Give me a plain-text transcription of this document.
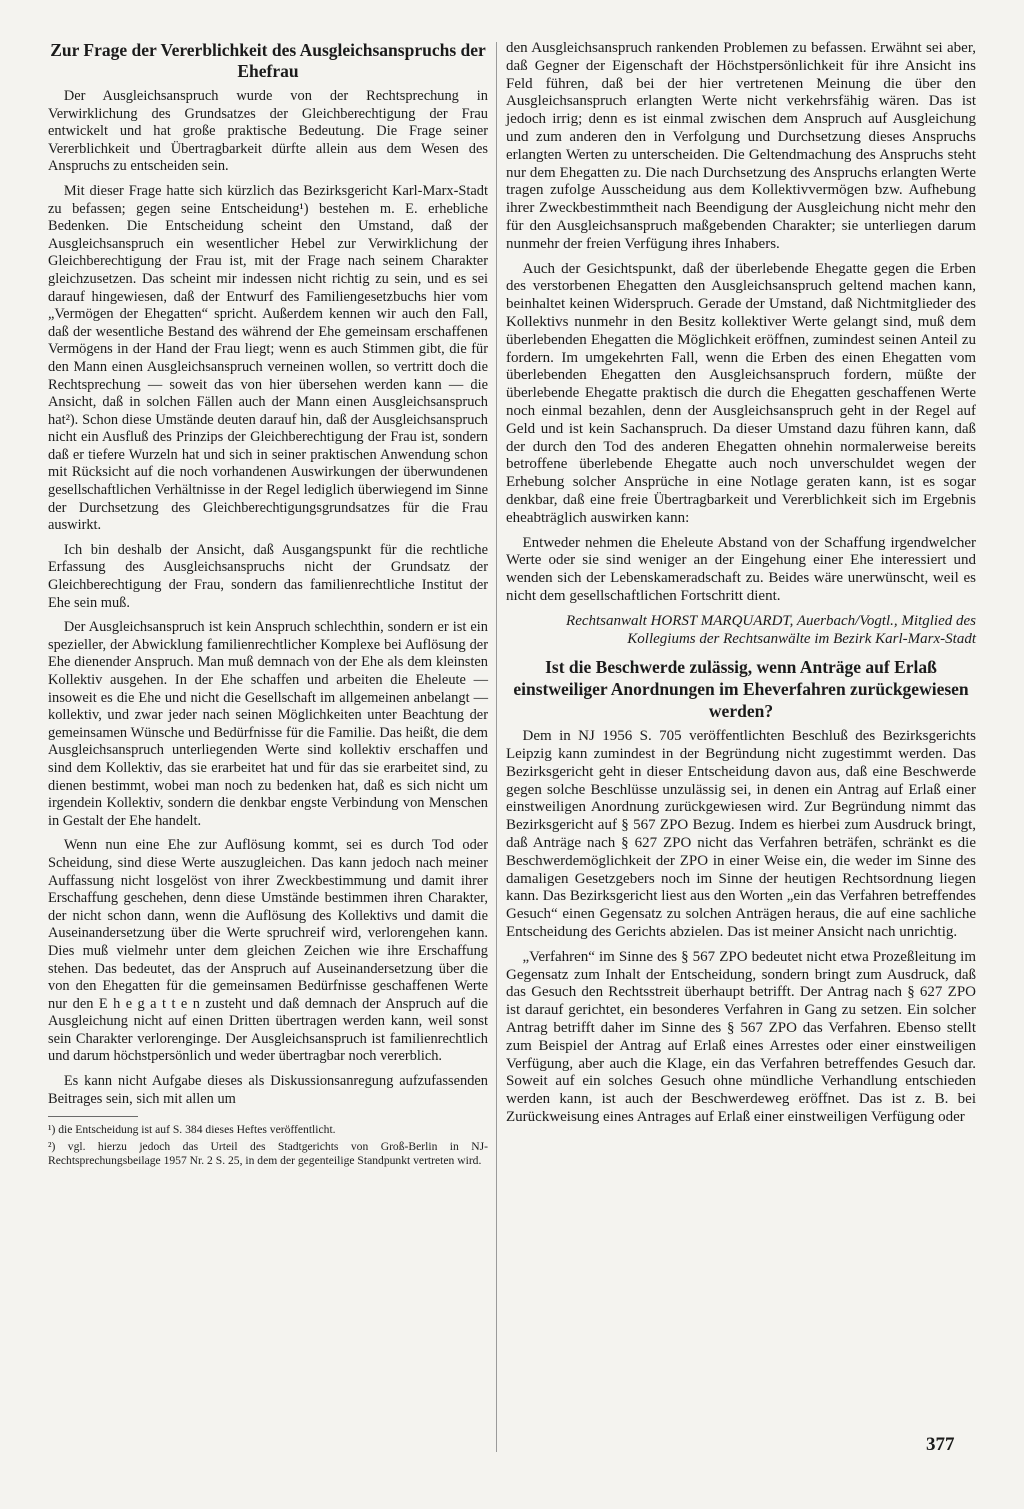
Zur Frage der Vererblichkeit des Ausgleichsanspruchs der Ehefrau

Der Ausgleichsanspruch wurde von der Rechtsprechung in Verwirklichung des Grundsatzes der Gleichberechtigung der Frau entwickelt und hat große praktische Bedeutung. Die Frage seiner Vererblichkeit und Übertragbarkeit dürfte allein aus dem Wesen des Anspruchs zu entscheiden sein.

Mit dieser Frage hatte sich kürzlich das Bezirksgericht Karl-Marx-Stadt zu befassen; gegen seine Entscheidung¹) bestehen m. E. erhebliche Bedenken. Die Entscheidung scheint den Umstand, daß der Ausgleichsanspruch ein wesentlicher Hebel zur Verwirklichung der Gleichberechtigung der Frau ist, mit der Frage nach seinem Charakter gleichzusetzen. Das scheint mir indessen nicht richtig zu sein, und es sei darauf hingewiesen, daß der Entwurf des Familiengesetzbuchs hier vom „Vermögen der Ehegatten“ spricht. Außerdem kennen wir auch den Fall, daß der wesentliche Bestand des während der Ehe gemeinsam erschaffenen Vermögens in der Hand der Frau liegt; wenn es auch Stimmen gibt, die für den Mann einen Ausgleichsanspruch verneinen wollen, so vertritt doch die Rechtsprechung — soweit das von hier übersehen werden kann — die Ansicht, daß in solchen Fällen auch der Mann einen Ausgleichsanspruch hat²). Schon diese Umstände deuten darauf hin, daß der Ausgleichsanspruch nicht ein Ausfluß des Prinzips der Gleichberechtigung der Frau ist, sondern daß er tiefere Wurzeln hat und sich in seiner praktischen Anwendung schon mit Rücksicht auf die noch vorhandenen Auswirkungen der überwundenen gesellschaftlichen Verhältnisse in der Regel lediglich überwiegend im Sinne der Durchsetzung des Gleichberechtigungsgrundsatzes für die Frau auswirkt.

Ich bin deshalb der Ansicht, daß Ausgangspunkt für die rechtliche Erfassung des Ausgleichsanspruchs nicht der Grundsatz der Gleichberechtigung der Frau, sondern das familienrechtliche Institut der Ehe sein muß.

Der Ausgleichsanspruch ist kein Anspruch schlechthin, sondern er ist ein spezieller, der Abwicklung familienrechtlicher Komplexe bei Auflösung der Ehe dienender Anspruch. Man muß demnach von der Ehe als dem kleinsten Kollektiv ausgehen. In der Ehe schaffen und arbeiten die Eheleute — insoweit es die Ehe und nicht die Gesellschaft im allgemeinen anbelangt — kollektiv, und zwar jeder nach seinen Möglichkeiten unter Beachtung der gemeinsamen Wünsche und Bedürfnisse für die Familie. Das heißt, die dem Ausgleichsanspruch unterliegenden Werte sind kollektiv erschaffen und sind dem Kollektiv, das sie erarbeitet hat und für das sie erarbeitet sind, zu dienen bestimmt, wobei man noch zu bedenken hat, daß es sich nicht um irgendein Kollektiv, sondern die denkbar engste Verbindung von Menschen in Gestalt der Ehe handelt.

Wenn nun eine Ehe zur Auflösung kommt, sei es durch Tod oder Scheidung, sind diese Werte auszugleichen. Das kann jedoch nach meiner Auffassung nicht losgelöst von ihrer Zweckbestimmung und damit ihrer Erschaffung geschehen, denn diese Umstände bestimmen ihren Charakter, der nicht schon dann, wenn die Auflösung des Kollektivs und damit die Auseinandersetzung über die Werte spruchreif wird, verlorengehen kann. Dies muß vielmehr unter dem gleichen Zeichen wie ihre Erschaffung stehen. Das bedeutet, das der Anspruch auf Auseinandersetzung über die von den Ehegatten für die gemeinsamen Bedürfnisse geschaffenen Werte nur den E h e g a t t e n zusteht und daß demnach der Anspruch auf die Ausgleichung nicht auf einen Dritten übertragen werden kann, weil sonst sein Charakter verlorenginge. Der Ausgleichsanspruch ist familienrechtlich und darum höchstpersönlich und weder übertragbar noch vererblich.

Es kann nicht Aufgabe dieses als Diskussionsanregung aufzufassenden Beitrages sein, sich mit allen um

¹) die Entscheidung ist auf S. 384 dieses Heftes veröffentlicht.

²) vgl. hierzu jedoch das Urteil des Stadtgerichts von Groß-Berlin in NJ-Rechtsprechungsbeilage 1957 Nr. 2 S. 25, in dem der gegenteilige Standpunkt vertreten wird.

den Ausgleichsanspruch rankenden Problemen zu befassen. Erwähnt sei aber, daß Gegner der Eigenschaft der Höchstpersönlichkeit für ihre Ansicht ins Feld führen, daß bei der hier vertretenen Meinung die über den Ausgleichsanspruch erlangten Werte nicht verkehrsfähig wären. Das ist jedoch irrig; denn es ist einmal zwischen dem Anspruch auf Ausgleichung und zum anderen den in Verfolgung und Durchsetzung dieses Anspruchs erlangten Werten zu unterscheiden. Die Geltendmachung des Anspruchs steht nur dem Ehegatten zu. Die nach Durchsetzung des Anspruchs erlangten Werte tragen zufolge Ausscheidung aus dem Kollektivvermögen bzw. Aufhebung ihrer Zweckbestimmtheit nach Beendigung der Ausgleichung nicht mehr den für den Ausgleichsanspruch maßgebenden Charakter; sie unterliegen darum nunmehr der freien Verfügung ihres Inhabers.

Auch der Gesichtspunkt, daß der überlebende Ehegatte gegen die Erben des verstorbenen Ehegatten den Ausgleichsanspruch geltend machen kann, beinhaltet keinen Widerspruch. Gerade der Umstand, daß Nichtmitglieder des Kollektivs nunmehr in den Besitz kollektiver Werte gelangt sind, muß dem überlebenden Ehegatten die Möglichkeit eröffnen, zumindest seinen Anteil zu fordern. Im umgekehrten Fall, wenn die Erben des einen Ehegatten vom überlebenden Ehegatten den Ausgleichsanspruch fordern, müßte der überlebende Ehegatte praktisch die durch die Ehegatten geschaffenen Werte noch einmal bezahlen, denn der Ausgleichsanspruch geht in der Regel auf Geld und ist kein Sachanspruch. Da dieser Umstand dazu führen kann, daß der durch den Tod des anderen Ehegatten ohnehin normalerweise bereits betroffene überlebende Ehegatte auch noch unverschuldet wegen der Erhebung solcher Ansprüche in eine Notlage geraten kann, ist es sogar denkbar, daß eine freie Übertragbarkeit und Vererblichkeit sich im Ergebnis eheabträglich auswirken kann:

Entweder nehmen die Eheleute Abstand von der Schaffung irgendwelcher Werte oder sie sind weniger an der Eingehung einer Ehe interessiert und wenden sich der Lebenskameradschaft zu. Beides wäre unerwünscht, weil es nicht dem gesellschaftlichen Fortschritt dient.

Rechtsanwalt HORST MARQUARDT, Auerbach/Vogtl., Mitglied des Kollegiums der Rechtsanwälte im Bezirk Karl-Marx-Stadt

Ist die Beschwerde zulässig, wenn Anträge auf Erlaß einstweiliger Anordnungen im Eheverfahren zurückgewiesen werden?

Dem in NJ 1956 S. 705 veröffentlichten Beschluß des Bezirksgerichts Leipzig kann zumindest in der Begründung nicht zugestimmt werden. Das Bezirksgericht geht in dieser Entscheidung davon aus, daß eine Beschwerde gegen solche Beschlüsse unzulässig sei, in denen ein Antrag auf Erlaß einer einstweiligen Anordnung zurückgewiesen wird. Zur Begründung nimmt das Bezirksgericht auf § 567 ZPO Bezug. Indem es hierbei zum Ausdruck bringt, daß Anträge nach § 627 ZPO nicht das Verfahren beträfen, schränkt es die Beschwerdemöglichkeit der ZPO in einer Weise ein, die weder im Sinne des damaligen Gesetzgebers noch im Sinne der heutigen Rechtsordnung liegen kann. Das Bezirksgericht liest aus den Worten „ein das Verfahren betreffendes Gesuch“ einen Gegensatz zu solchen Anträgen heraus, die auf eine sachliche Entscheidung des Gerichts abzielen. Das ist meiner Ansicht nach unrichtig.

„Verfahren“ im Sinne des § 567 ZPO bedeutet nicht etwa Prozeßleitung im Gegensatz zum Inhalt der Entscheidung, sondern bringt zum Ausdruck, daß das Gesuch den Rechtsstreit überhaupt betrifft. Der Antrag nach § 627 ZPO ist darauf gerichtet, ein besonderes Verfahren in Gang zu setzen. Ein solcher Antrag betrifft daher im Sinne des § 567 ZPO das Verfahren. Ebenso stellt zum Beispiel der Antrag auf Erlaß eines Arrestes oder einer einstweiligen Verfügung, aber auch die Klage, ein das Verfahren betreffendes Gesuch dar. Soweit auf ein solches Gesuch ohne mündliche Verhandlung entschieden werden kann, ist auch der Beschwerdeweg eröffnet. Das ist z. B. bei Zurückweisung eines Antrages auf Erlaß einer einstweiligen Verfügung oder

377
